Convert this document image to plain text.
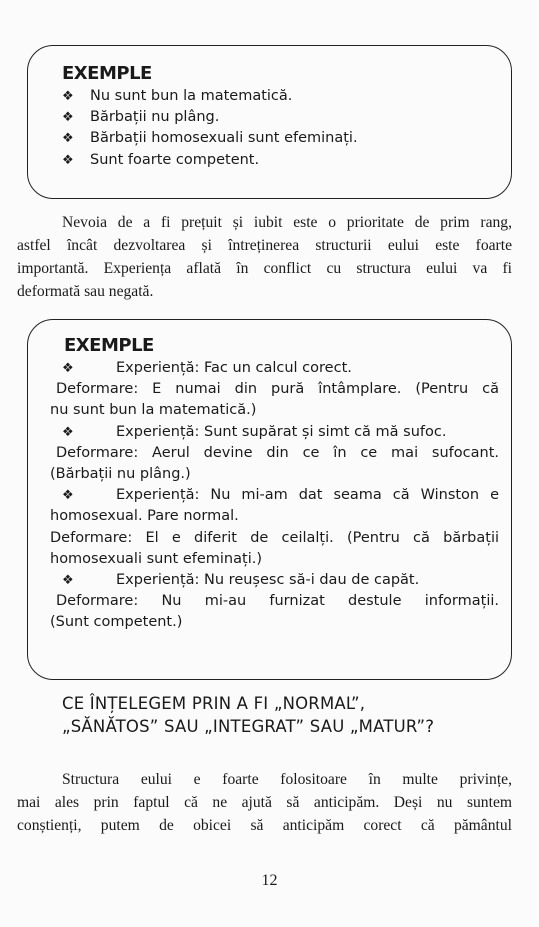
EXEMPLE
❖	Nu sunt bun la matematică.
❖	Bărbații nu plâng.
❖	Bărbații homosexuali sunt efeminați.
❖	Sunt foarte competent.
Nevoia de a fi prețuit și iubit este o prioritate de prim rang,
astfel încât dezvoltarea și întreținerea structurii eului este foarte
importantă. Experiența aflată în conflict cu structura eului va fi
deformată sau negată.
EXEMPLE
❖	Experiență: Fac un calcul corect.
Deformare: E numai din pură întâmplare. (Pentru că
nu sunt bun la matematică.)
❖	Experiență: Sunt supărat și simt că mă sufoc.
Deformare: Aerul devine din ce în ce mai sufocant.
(Bărbații nu plâng.)
❖	Experiență: Nu mi-am dat seama că Winston e
homosexual. Pare normal.
Deformare: El e diferit de ceilalți. (Pentru că bărbații
homosexuali sunt efeminați.)
❖	Experiență: Nu reușesc să-i dau de capăt.
Deformare: Nu mi-au furnizat destule informații.
(Sunt competent.)
CE ÎNȚELEGEM PRIN A FI „NORMAL”,
„SĂNĂTOS” SAU „INTEGRAT” SAU „MATUR”?
Structura eului e foarte folositoare în multe privințe,
mai ales prin faptul că ne ajută să anticipăm. Deși nu suntem
conștienți, putem de obicei să anticipăm corect că pământul
12
